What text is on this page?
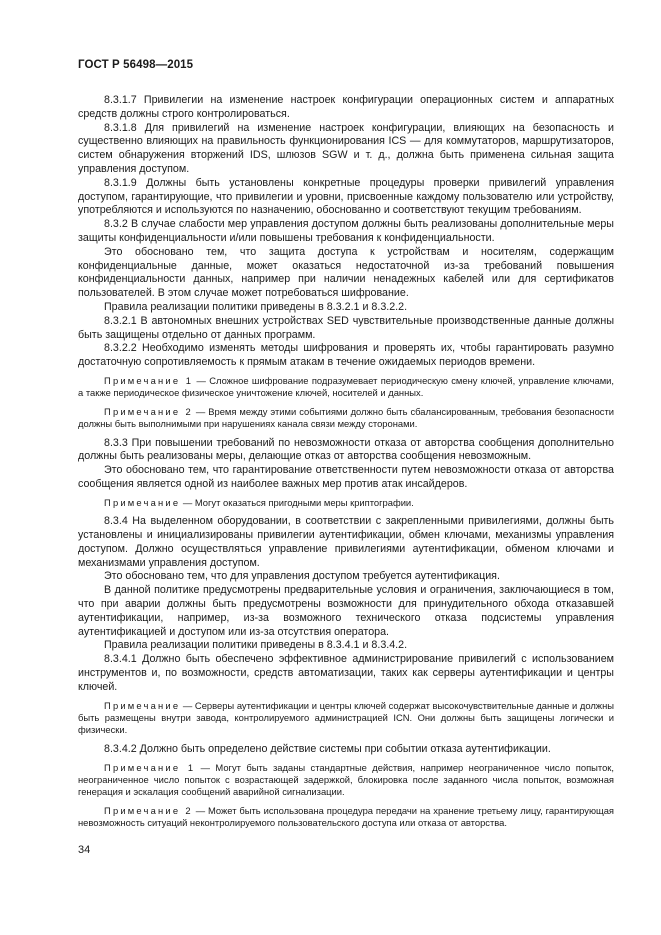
ГОСТ Р 56498—2015

8.3.1.7 Привилегии на изменение настроек конфигурации операционных систем и аппаратных средств должны строго контролироваться.

8.3.1.8 Для привилегий на изменение настроек конфигурации, влияющих на безопасность и существенно влияющих на правильность функционирования ICS — для коммутаторов, маршрутизаторов, систем обнаружения вторжений IDS, шлюзов SGW и т. д., должна быть применена сильная защита управления доступом.

8.3.1.9 Должны быть установлены конкретные процедуры проверки привилегий управления доступом, гарантирующие, что привилегии и уровни, присвоенные каждому пользователю или устройству, употребляются и используются по назначению, обоснованно и соответствуют текущим требованиям.

8.3.2 В случае слабости мер управления доступом должны быть реализованы дополнительные меры защиты конфиденциальности и/или повышены требования к конфиденциальности.

Это обосновано тем, что защита доступа к устройствам и носителям, содержащим конфиденциальные данные, может оказаться недостаточной из-за требований повышения конфиденциальности данных, например при наличии ненадежных кабелей или для сертификатов пользователей. В этом случае может потребоваться шифрование.

Правила реализации политики приведены в 8.3.2.1 и 8.3.2.2.

8.3.2.1 В автономных внешних устройствах SED чувствительные производственные данные должны быть защищены отдельно от данных программ.

8.3.2.2 Необходимо изменять методы шифрования и проверять их, чтобы гарантировать разумно достаточную сопротивляемость к прямым атакам в течение ожидаемых периодов времени.

Примечание 1 — Сложное шифрование подразумевает периодическую смену ключей, управление ключами, а также периодическое физическое уничтожение ключей, носителей и данных.

Примечание 2 — Время между этими событиями должно быть сбалансированным, требования безопасности должны быть выполнимыми при нарушениях канала связи между сторонами.

8.3.3 При повышении требований по невозможности отказа от авторства сообщения дополнительно должны быть реализованы меры, делающие отказ от авторства сообщения невозможным.

Это обосновано тем, что гарантирование ответственности путем невозможности отказа от авторства сообщения является одной из наиболее важных мер против атак инсайдеров.

Примечание — Могут оказаться пригодными меры криптографии.

8.3.4 На выделенном оборудовании, в соответствии с закрепленными привилегиями, должны быть установлены и инициализированы привилегии аутентификации, обмен ключами, механизмы управления доступом. Должно осуществляться управление привилегиями аутентификации, обменом ключами и механизмами управления доступом.

Это обосновано тем, что для управления доступом требуется аутентификация.

В данной политике предусмотрены предварительные условия и ограничения, заключающиеся в том, что при аварии должны быть предусмотрены возможности для принудительного обхода отказавшей аутентификации, например, из-за возможного технического отказа подсистемы управления аутентификацией и доступом или из-за отсутствия оператора.

Правила реализации политики приведены в 8.3.4.1 и 8.3.4.2.

8.3.4.1 Должно быть обеспечено эффективное администрирование привилегий с использованием инструментов и, по возможности, средств автоматизации, таких как серверы аутентификации и центры ключей.

Примечание — Серверы аутентификации и центры ключей содержат высокочувствительные данные и должны быть размещены внутри завода, контролируемого администрацией ICN. Они должны быть защищены логически и физически.

8.3.4.2 Должно быть определено действие системы при событии отказа аутентификации.

Примечание 1 — Могут быть заданы стандартные действия, например неограниченное число попыток, неограниченное число попыток с возрастающей задержкой, блокировка после заданного числа попыток, возможная генерация и эскалация сообщений аварийной сигнализации.

Примечание 2 — Может быть использована процедура передачи на хранение третьему лицу, гарантирующая невозможность ситуаций неконтролируемого пользовательского доступа или отказа от авторства.

34
